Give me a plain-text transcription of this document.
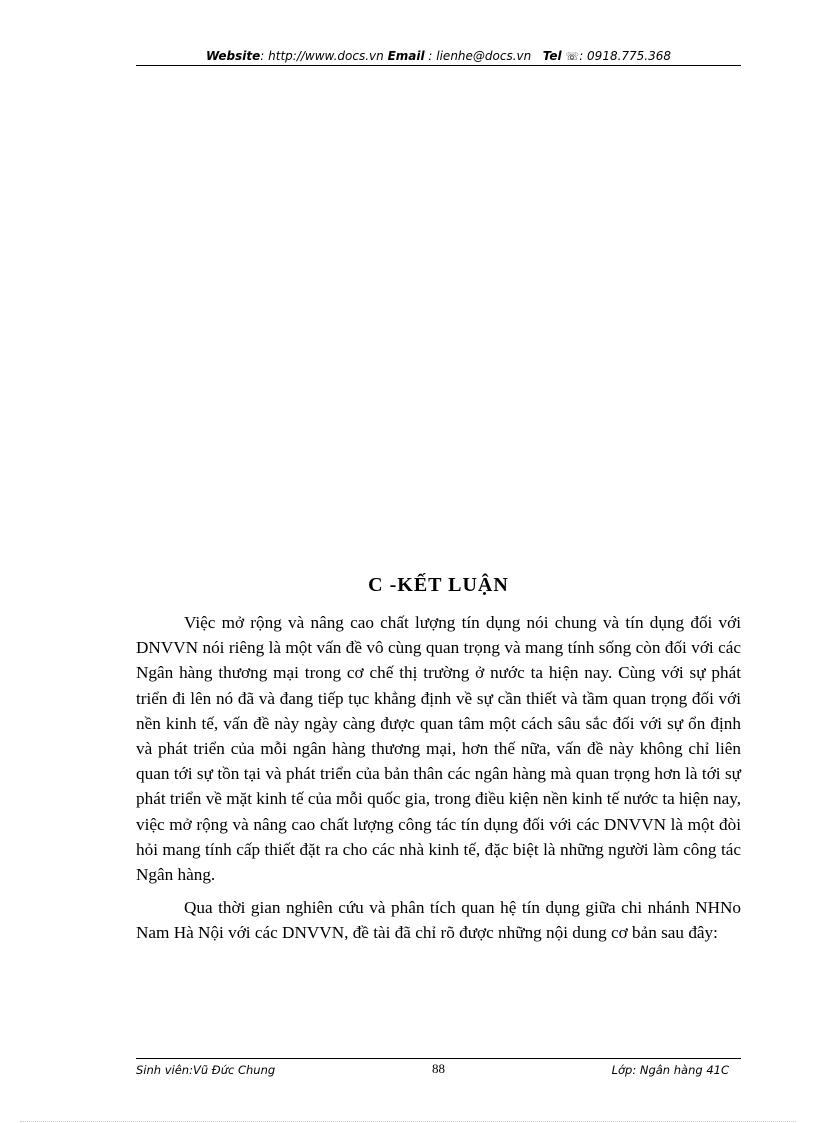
Website: http://www.docs.vn Email : lienhe@docs.vn Tel ☏: 0918.775.368
C -KẾT LUẬN

Việc mở rộng và nâng cao chất lượng tín dụng nói chung và tín dụng đối với DNVVN nói riêng là một vấn đề vô cùng quan trọng và mang tính sống còn đối với các Ngân hàng thương mại trong cơ chế thị trường ở nước ta hiện nay. Cùng với sự phát triển đi lên nó đã và đang tiếp tục khẳng định về sự cần thiết và tầm quan trọng đối với nền kinh tế, vấn đề này ngày càng được quan tâm một cách sâu sắc đối với sự ổn định và phát triển của mỗi ngân hàng thương mại, hơn thế nữa, vấn đề này không chỉ liên quan tới sự tồn tại và phát triển của bản thân các ngân hàng mà quan trọng hơn là tới sự phát triển về mặt kinh tế của mỗi quốc gia, trong điều kiện nền kinh tế nước ta hiện nay, việc mở rộng và nâng cao chất lượng công tác tín dụng đối với các DNVVN là một đòi hỏi mang tính cấp thiết đặt ra cho các nhà kinh tế, đặc biệt là những người làm công tác Ngân hàng.

Qua thời gian nghiên cứu và phân tích quan hệ tín dụng giữa chi nhánh NHNo Nam Hà Nội với các DNVVN, đề tài đã chỉ rõ được những nội dung cơ bản sau đây:

Sinh viên:Vũ Đức Chung	88	Lớp: Ngân hàng 41C
